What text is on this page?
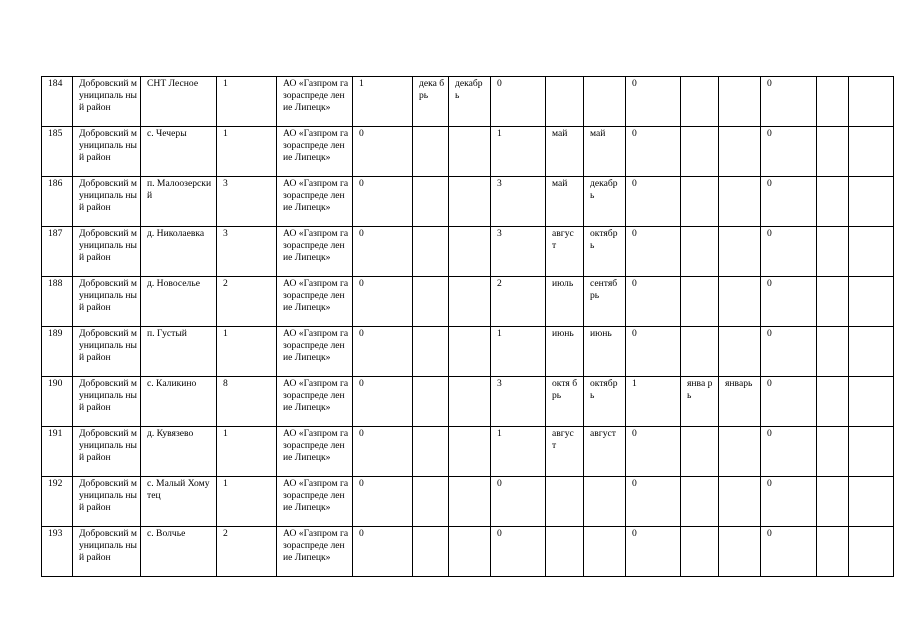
184	Добровский муниципаль ный район	СНТ Лесное	1	АО «Газпром газораспреде ление Липецк»	1	дека брь	декабр ь	0			0			0		
185	Добровский муниципаль ный район	с. Чечеры	1	АО «Газпром газораспреде ление Липецк»	0			1	май	май	0			0		
186	Добровский муниципаль ный район	п. Малоозерски й	3	АО «Газпром газораспреде ление Липецк»	0			3	май	декабр ь	0			0		
187	Добровский муниципаль ный район	д. Николаевка	3	АО «Газпром газораспреде ление Липецк»	0			3	авгус т	октябр ь	0			0		
188	Добровский муниципаль ный район	д. Новоселье	2	АО «Газпром газораспреде ление Липецк»	0			2	июль	сентяб рь	0			0		
189	Добровский муниципаль ный район	п. Густый	1	АО «Газпром газораспреде ление Липецк»	0			1	июнь	июнь	0			0		
190	Добровский муниципаль ный район	с. Каликино	8	АО «Газпром газораспреде ление Липецк»	0			3	октя брь	октябр ь	1	янва рь	январь	0		
191	Добровский муниципаль ный район	д. Кувязево	1	АО «Газпром газораспреде ление Липецк»	0			1	авгус т	август	0			0		
192	Добровский муниципаль ный район	с. Малый Хомутец	1	АО «Газпром газораспреде ление Липецк»	0			0			0			0		
193	Добровский муниципаль ный район	с. Волчье	2	АО «Газпром газораспреде ление Липецк»	0			0			0			0		
